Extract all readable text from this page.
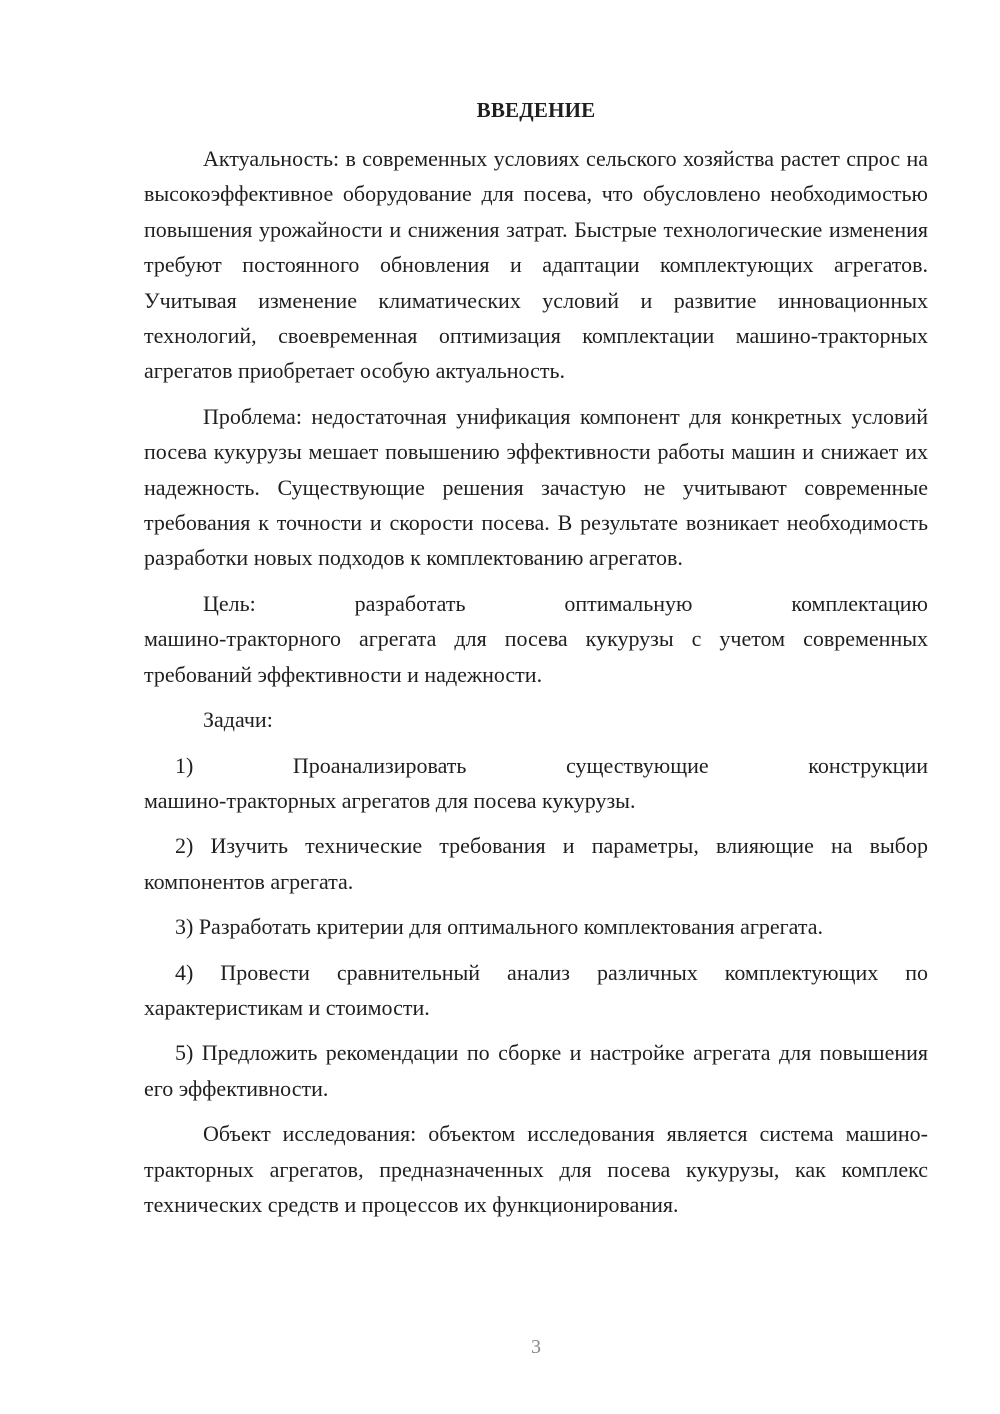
ВВЕДЕНИЕ

Актуальность: в современных условиях сельского хозяйства растет спрос на высокоэффективное оборудование для посева, что обусловлено необходимостью повышения урожайности и снижения затрат. Быстрые технологические изменения требуют постоянного обновления и адаптации комплектующих агрегатов. Учитывая изменение климатических условий и развитие инновационных технологий, своевременная оптимизация комплектации машино-тракторных агрегатов приобретает особую актуальность.

Проблема: недостаточная унификация компонент для конкретных условий посева кукурузы мешает повышению эффективности работы машин и снижает их надежность. Существующие решения зачастую не учитывают современные требования к точности и скорости посева. В результате возникает необходимость разработки новых подходов к комплектованию агрегатов.

Цель: разработать оптимальную комплектацию

машино-тракторного агрегата для посева кукурузы с учетом современных требований эффективности и надежности.

Задачи:

1) Проанализировать существующие конструкции

машино-тракторных агрегатов для посева кукурузы.

2) Изучить технические требования и параметры, влияющие на выбор компонентов агрегата.

3) Разработать критерии для оптимального комплектования агрегата.

4) Провести сравнительный анализ различных комплектующих по характеристикам и стоимости.

5) Предложить рекомендации по сборке и настройке агрегата для повышения его эффективности.

Объект исследования: объектом исследования является система машино-тракторных агрегатов, предназначенных для посева кукурузы, как комплекс технических средств и процессов их функционирования.

3
